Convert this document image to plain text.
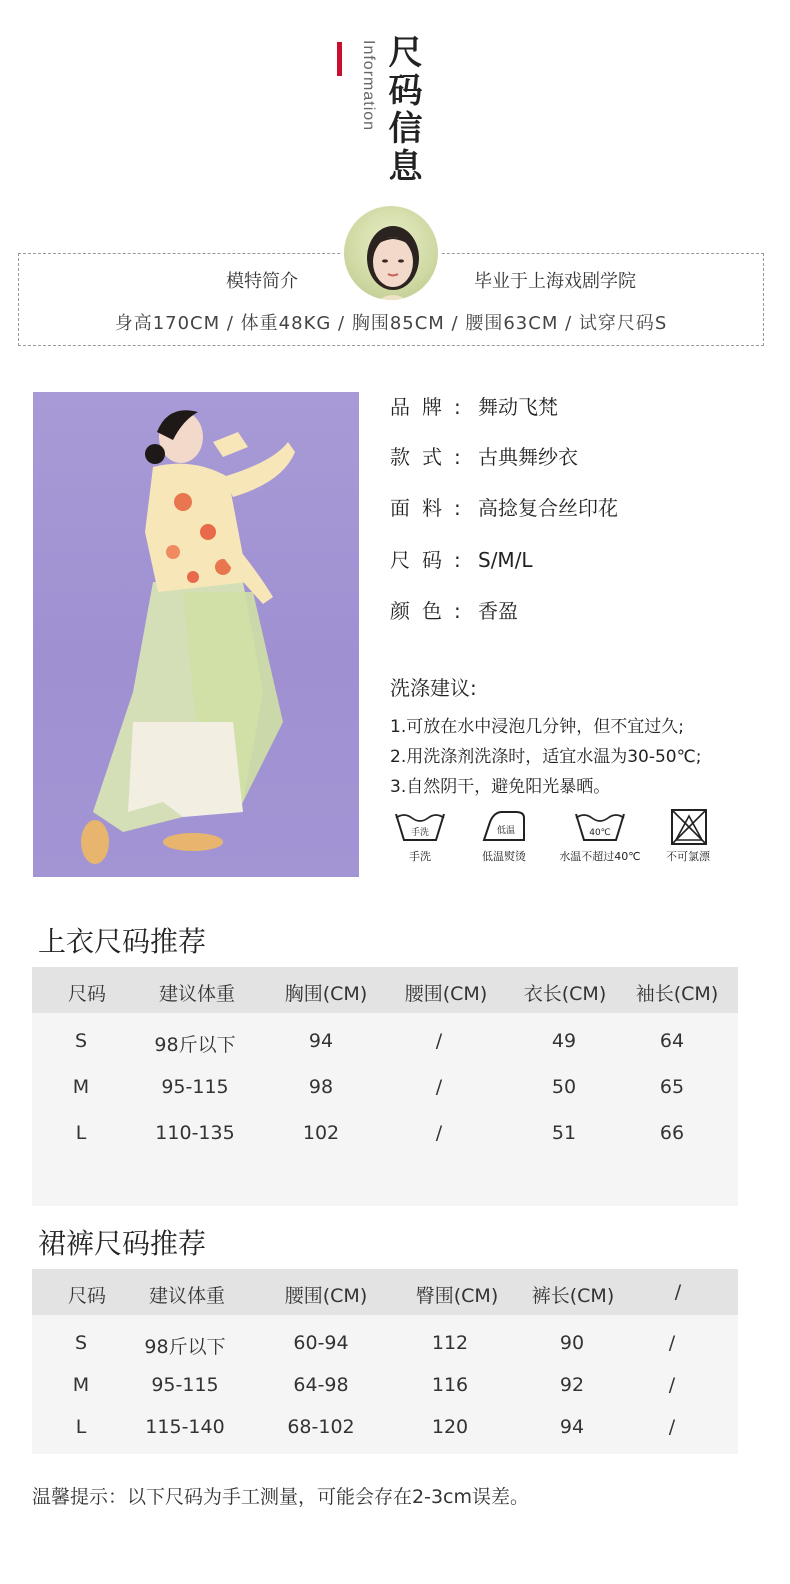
Information 尺码信息
模特简介	毕业于上海戏剧学院
身高170CM / 体重48KG / 胸围85CM / 腰围63CM / 试穿尺码S
品牌: 舞动飞梵
款式: 古典舞纱衣
面料: 高捻复合丝印花
尺码: S/M/L
颜色: 香盈
洗涤建议:
1.可放在水中浸泡几分钟，但不宜过久;
2.用洗涤剂洗涤时，适宜水温为30-50℃;
3.自然阴干，避免阳光暴晒。
手洗
手洗
低温
低温熨烫
40℃
水温不超过40℃	不可氯漂
上衣尺码推荐
尺码	建议体重	胸围(CM) 腰围(CM) 衣长(CM) 袖长(CM)
S	98斤以下	94	/	49	64
M	95-115	98	/	50	65
L	110-135	102	/	51	66
裙裤尺码推荐
尺码 建议体重	腰围(CM)	臀围(CM) 裤长(CM)	/
S	98斤以下	60-94	112	90	/
M	95-115	64-98	116	92	/
L	115-140	68-102	120	94	/
温馨提示：以下尺码为手工测量，可能会存在2-3cm误差。
